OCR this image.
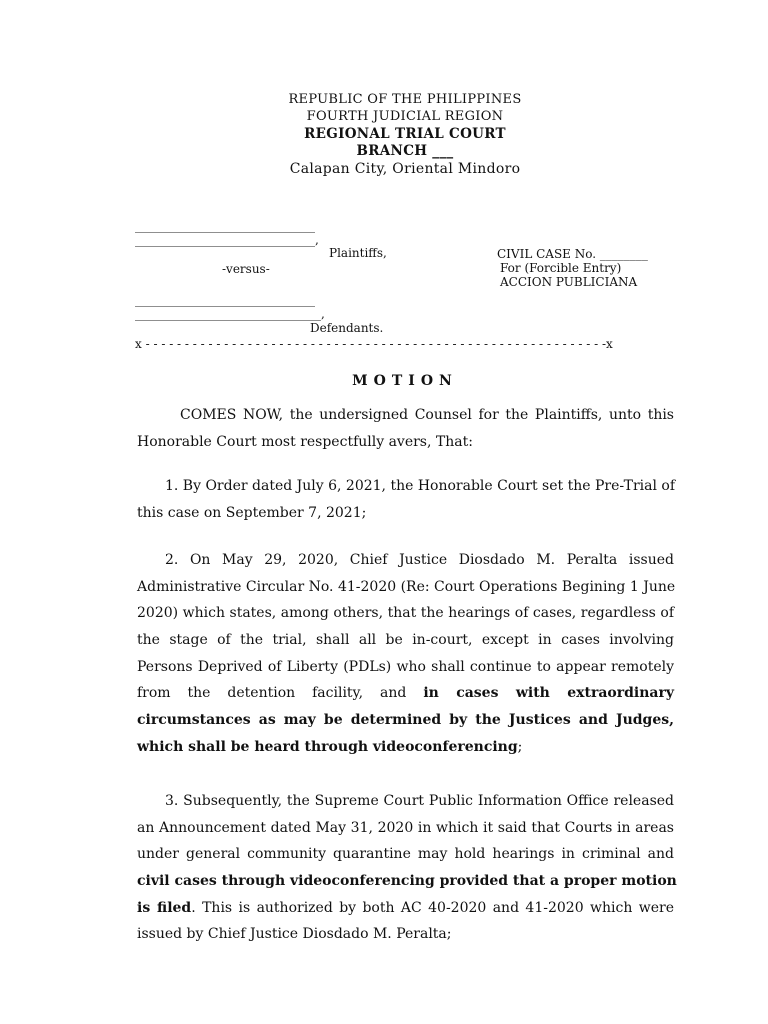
REPUBLIC OF THE PHILIPPINES
FOURTH JUDICIAL REGION
REGIONAL TRIAL COURT
BRANCH ___
Calapan City, Oriental Mindoro
______________________________
______________________________,
Plaintiffs,
-versus-
______________________________
_______________________________,
Defendants.
CIVIL CASE No. ________
For (Forcible Entry)
ACCION PUBLICIANA
x - - - - - - - - - - - - - - - - - - - - - - - - - - - - - - - - - - - - - - - - - - - - - - - - - - - - - - - - - - -x
MOTION
COMES NOW, the undersigned Counsel for the Plaintiffs, unto this
Honorable Court most respectfully avers, That:
1. By Order dated July 6, 2021, the Honorable Court set the Pre-Trial of
this case on September 7, 2021;
2. On May 29, 2020, Chief Justice Diosdado M. Peralta issued
Administrative Circular No. 41-2020 (Re: Court Operations Begining 1 June
2020) which states, among others, that the hearings of cases, regardless of
the stage of the trial, shall all be in-court, except in cases involving
Persons Deprived of Liberty (PDLs) who shall continue to appear remotely
from the detention facility, and in cases with extraordinary
circumstances as may be determined by the Justices and Judges,
which shall be heard through videoconferencing;
3. Subsequently, the Supreme Court Public Information Office released
an Announcement dated May 31, 2020 in which it said that Courts in areas
under general community quarantine may hold hearings in criminal and
civil cases through videoconferencing provided that a proper motion
is filed. This is authorized by both AC 40-2020 and 41-2020 which were
issued by Chief Justice Diosdado M. Peralta;
